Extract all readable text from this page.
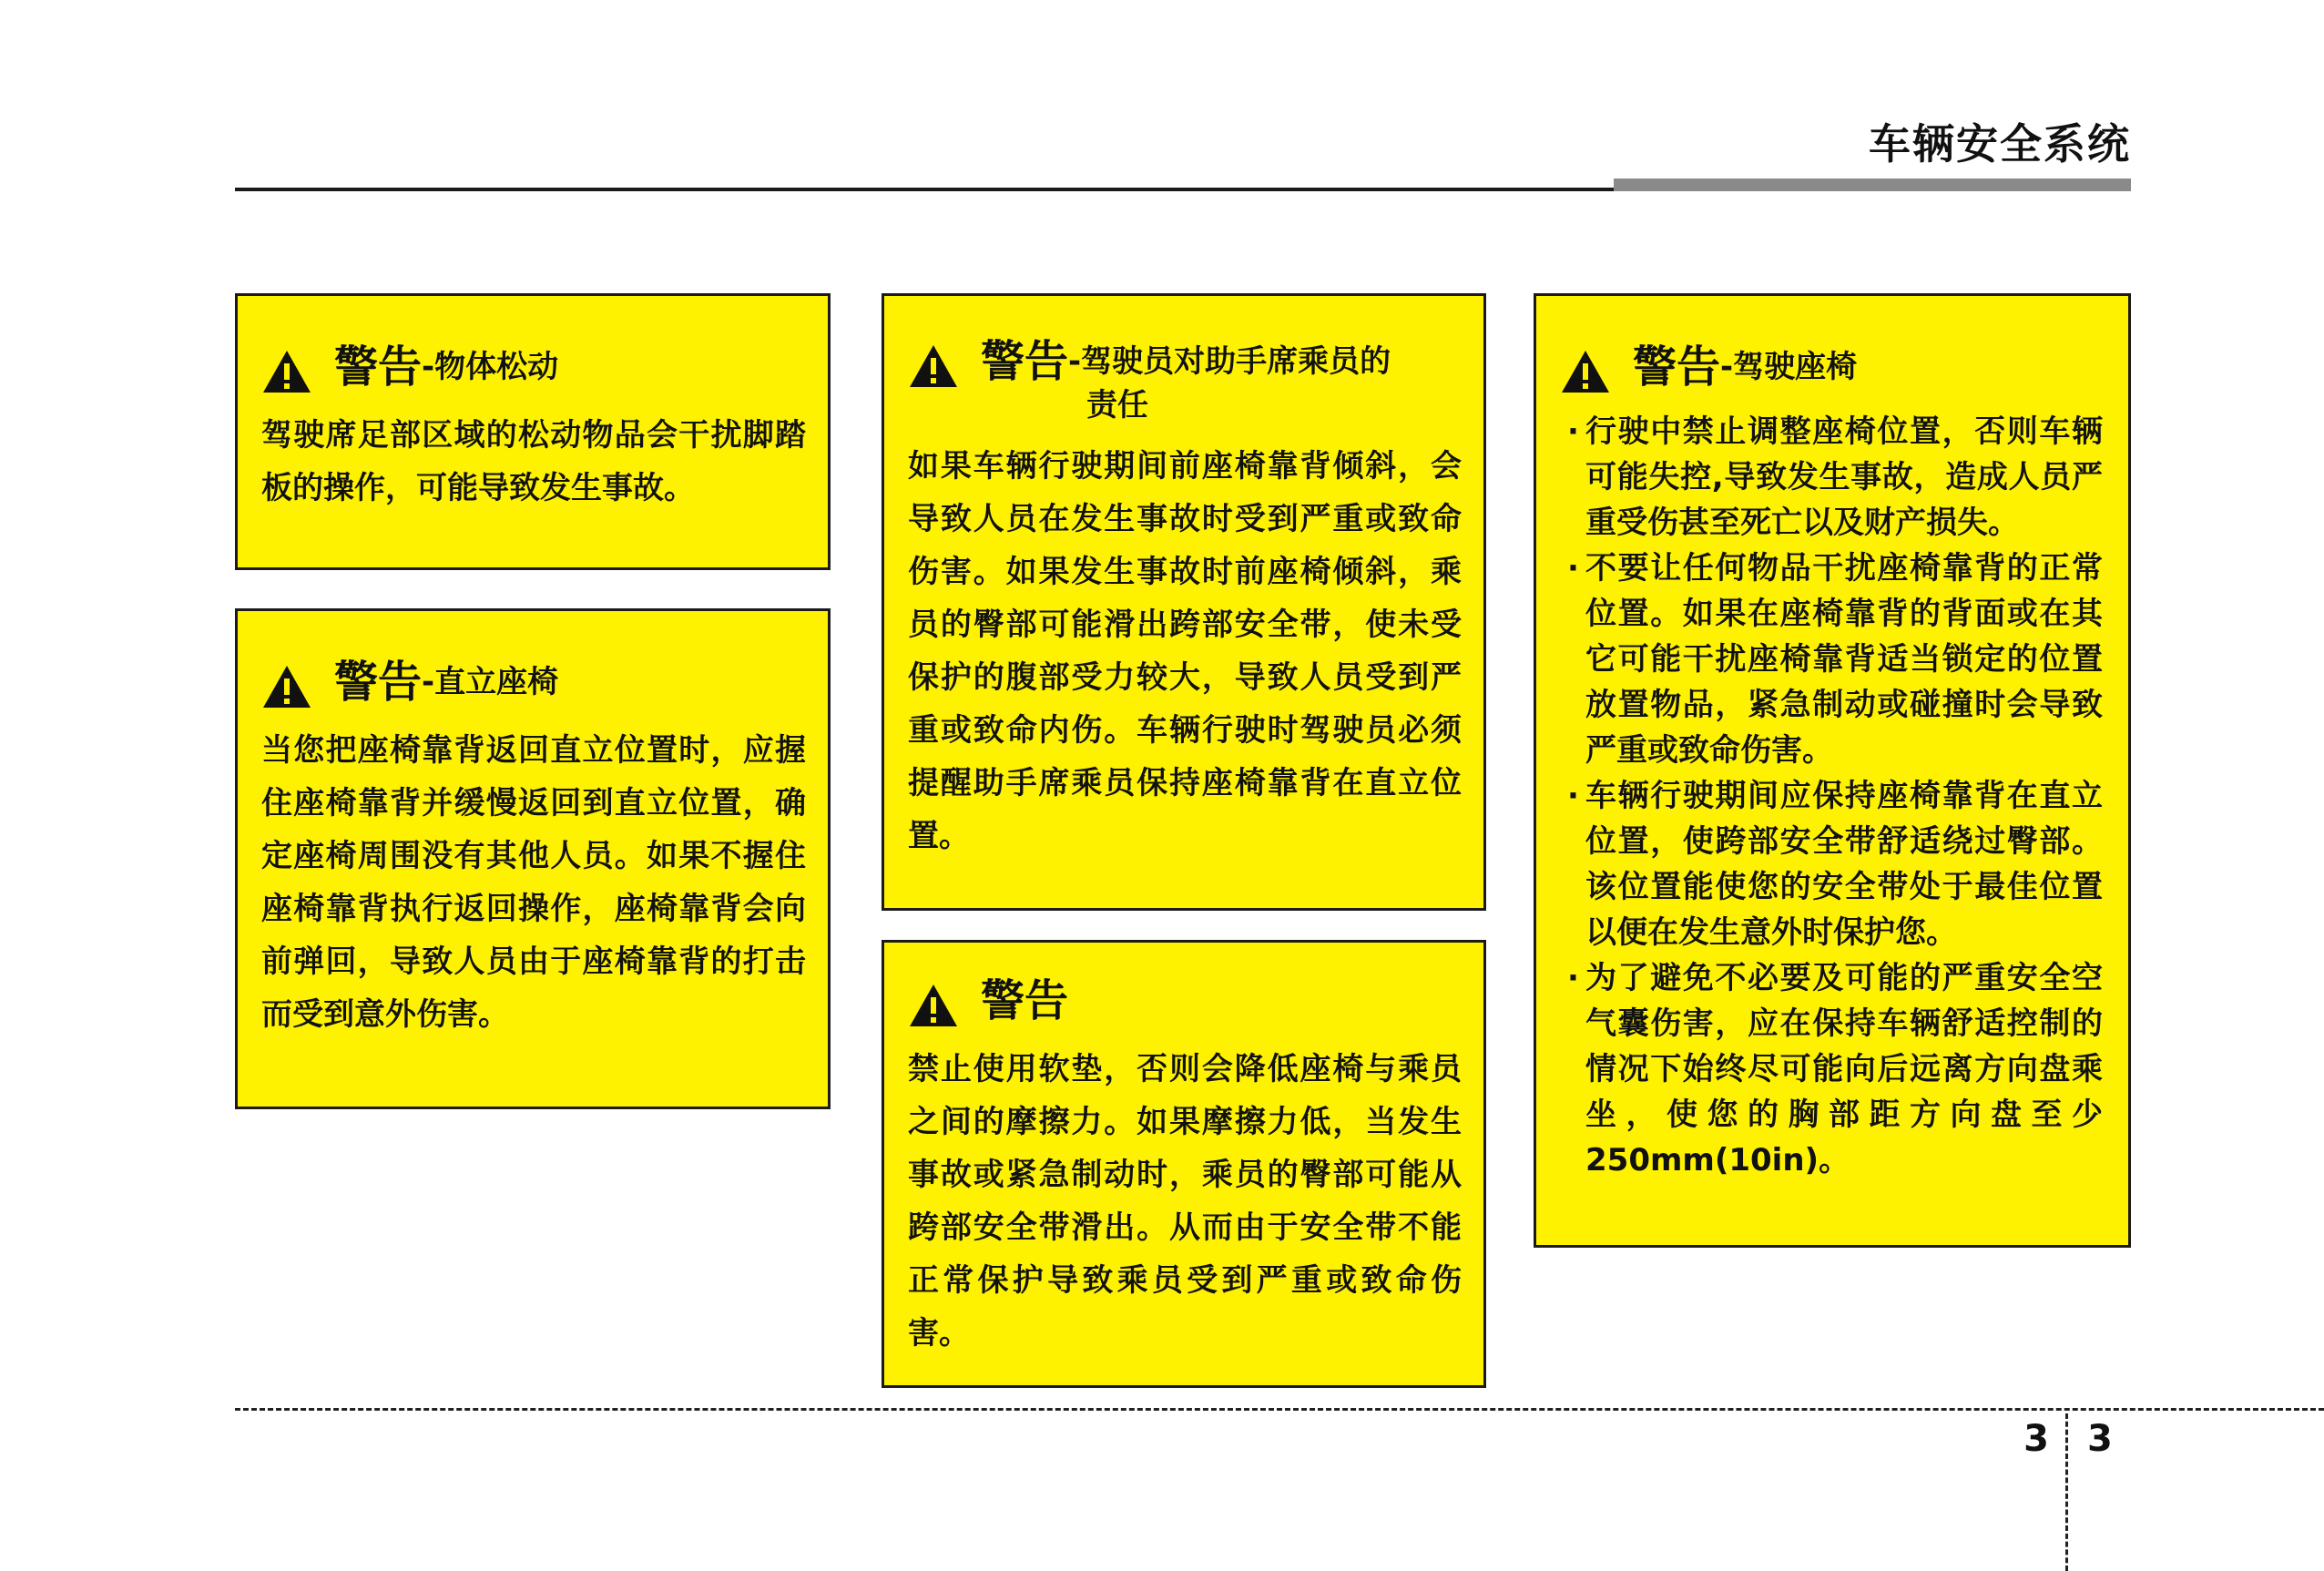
车辆安全系统
警告 -物体松动

驾驶席足部区域的松动物品会干扰脚踏板的操作，可能导致发生事故。

警告 -直立座椅

当您把座椅靠背返回直立位置时，应握住座椅靠背并缓慢返回到直立位置，确定座椅周围没有其他人员。如果不握住座椅靠背执行返回操作，座椅靠背会向前弹回，导致人员由于座椅靠背的打击而受到意外伤害。

警告 -驾驶员对助手席乘员的
责任

如果车辆行驶期间前座椅靠背倾斜，会导致人员在发生事故时受到严重或致命伤害。如果发生事故时前座椅倾斜，乘员的臀部可能滑出跨部安全带，使未受保护的腹部受力较大，导致人员受到严重或致命内伤。车辆行驶时驾驶员必须提醒助手席乘员保持座椅靠背在直立位置。

警告

禁止使用软垫，否则会降低座椅与乘员之间的摩擦力。如果摩擦力低，当发生事故或紧急制动时，乘员的臀部可能从跨部安全带滑出。从而由于安全带不能正常保护导致乘员受到严重或致命伤害。

警告 -驾驶座椅
· 行驶中禁止调整座椅位置，否则车辆可能失控,导致发生事故，造成人员严重受伤甚至死亡以及财产损失。
· 不要让任何物品干扰座椅靠背的正常位置。如果在座椅靠背的背面或在其它可能干扰座椅靠背适当锁定的位置放置物品，紧急制动或碰撞时会导致严重或致命伤害。
· 车辆行驶期间应保持座椅靠背在直立位置，使跨部安全带舒适绕过臀部。该位置能使您的安全带处于最佳位置以便在发生意外时保护您。
· 为了避免不必要及可能的严重安全空气囊伤害，应在保持车辆舒适控制的情况下始终尽可能向后远离方向盘乘坐，使您的胸部距方向盘至少250mm(10in)。
3 3
